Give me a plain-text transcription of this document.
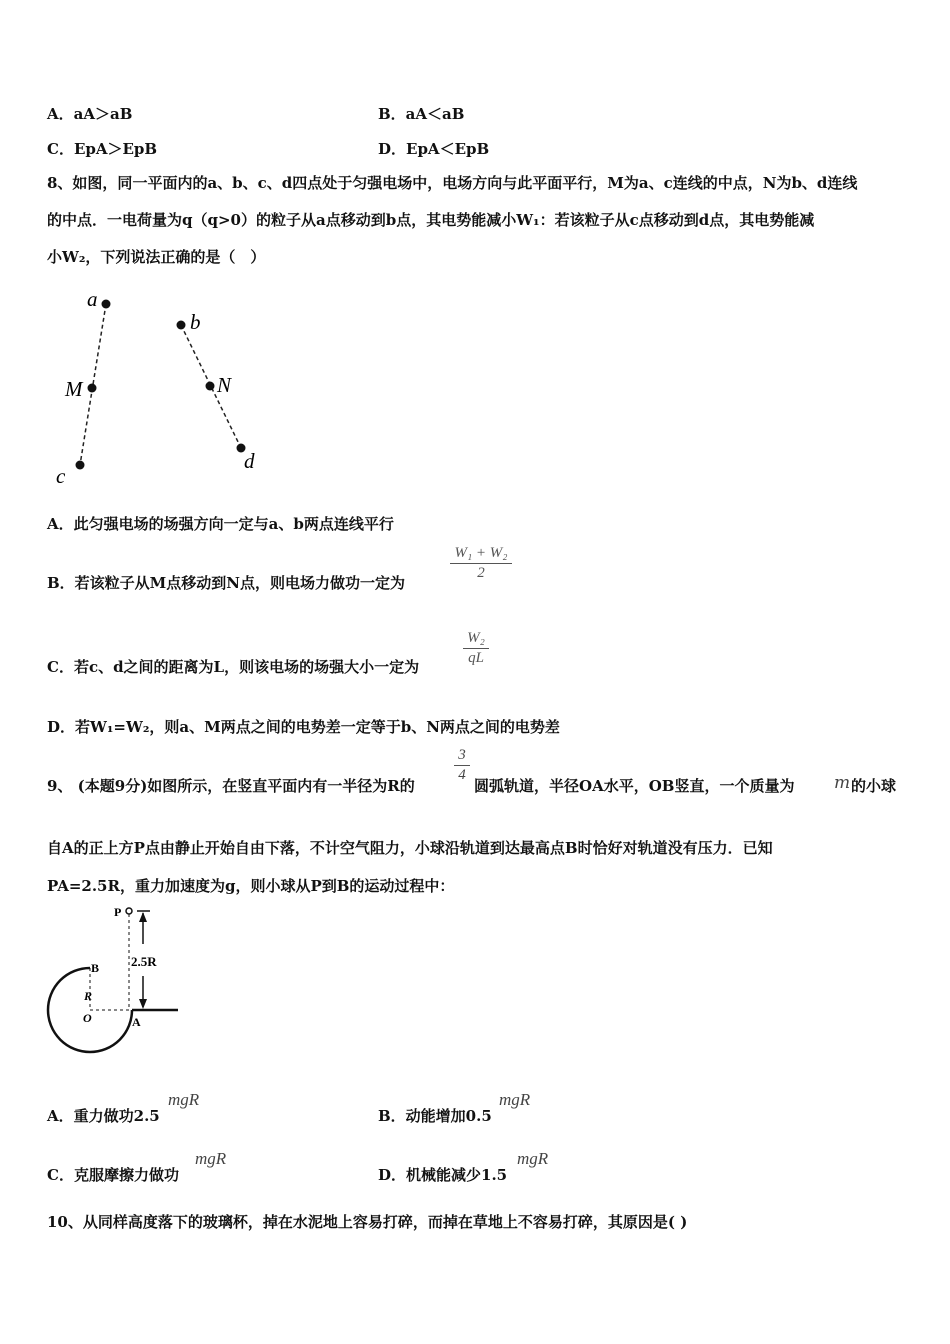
A．aA＞aB	B．aA＜aB
C．EpA＞EpB	D．EpA＜EpB
8、如图，同一平面内的a、b、c、d四点处于匀强电场中，电场方向与此平面平行，M为a、c连线的中点，N为b、d连线
的中点．一电荷量为q（q>0）的粒子从a点移动到b点，其电势能减小W₁：若该粒子从c点移动到d点，其电势能减
小W₂，下列说法正确的是（　）
a
M
c
b
N
d
A．此匀强电场的场强方向一定与a、b两点连线平行
B．若该粒子从M点移动到N点，则电场力做功一定为
W₁ + W₂
2
C．若c、d之间的距离为L，则该电场的场强大小一定为
W₂
qL
D．若W₁=W₂，则a、M两点之间的电势差一定等于b、N两点之间的电势差
9、 (本题9分)如图所示，在竖直平面内有一半径为R的
3
4
圆弧轨道，半径OA水平，OB竖直，一个质量为 m 的小球
自A的正上方P点由静止开始自由下落，不计空气阻力，小球沿轨道到达最高点B时恰好对轨道没有压力．已知
PA=2.5R，重力加速度为g，则小球从P到B的运动过程中：
P
2.5R
B
R
O	A
A．重力做功2.5
mgR
B．动能增加0.5
mgR
C．克服摩擦力做功
mgR
D．机械能减少1.5
mgR
10、从同样高度落下的玻璃杯，掉在水泥地上容易打碎，而掉在草地上不容易打碎，其原因是( )
